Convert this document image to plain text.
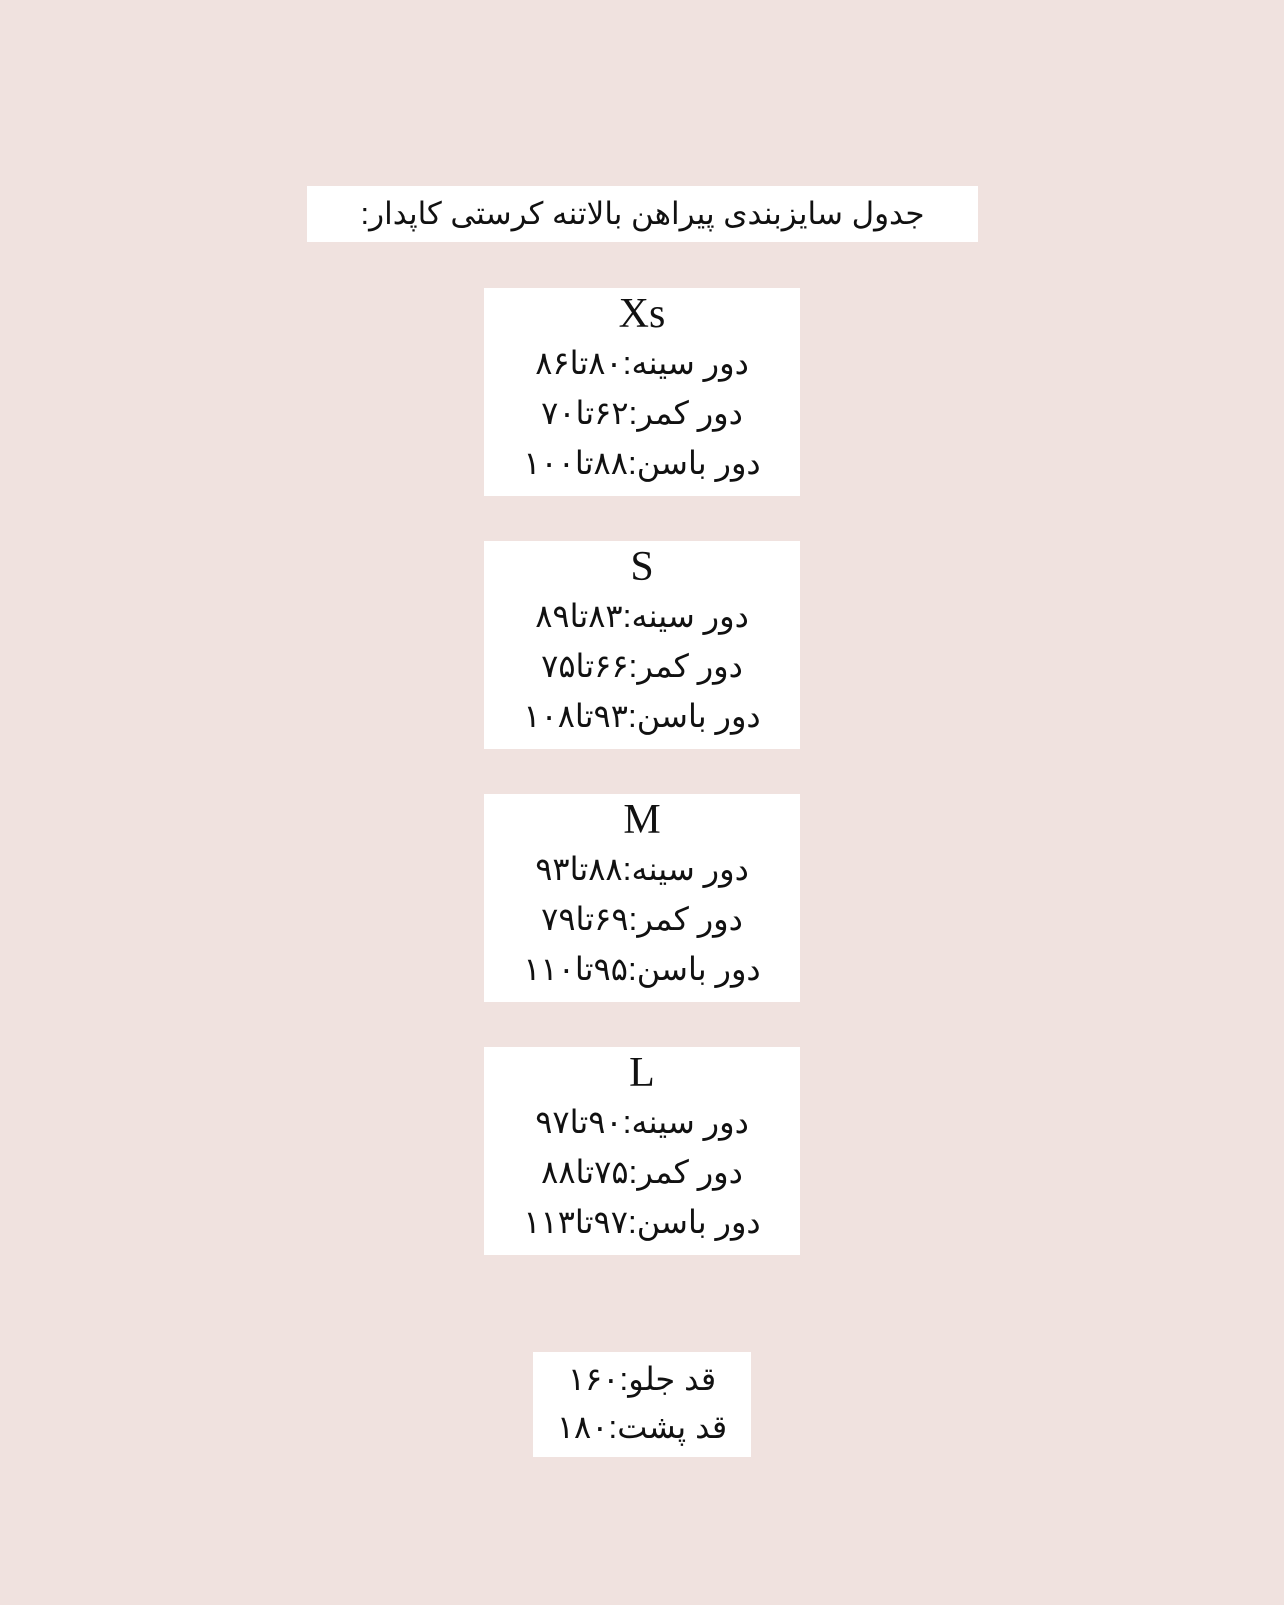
جدول سایزبندی پیراهن بالاتنه کرستی کاپدار:
Xs
دور سینه:۸۰تا۸۶
دور کمر:۶۲تا۷۰
دور باسن:۸۸تا۱۰۰
S
دور سینه:۸۳تا۸۹
دور کمر:۶۶تا۷۵
دور باسن:۹۳تا۱۰۸
M
دور سینه:۸۸تا۹۳
دور کمر:۶۹تا۷۹
دور باسن:۹۵تا۱۱۰
L
دور سینه:۹۰تا۹۷
دور کمر:۷۵تا۸۸
دور باسن:۹۷تا۱۱۳
قد جلو:۱۶۰
قد پشت:۱۸۰
